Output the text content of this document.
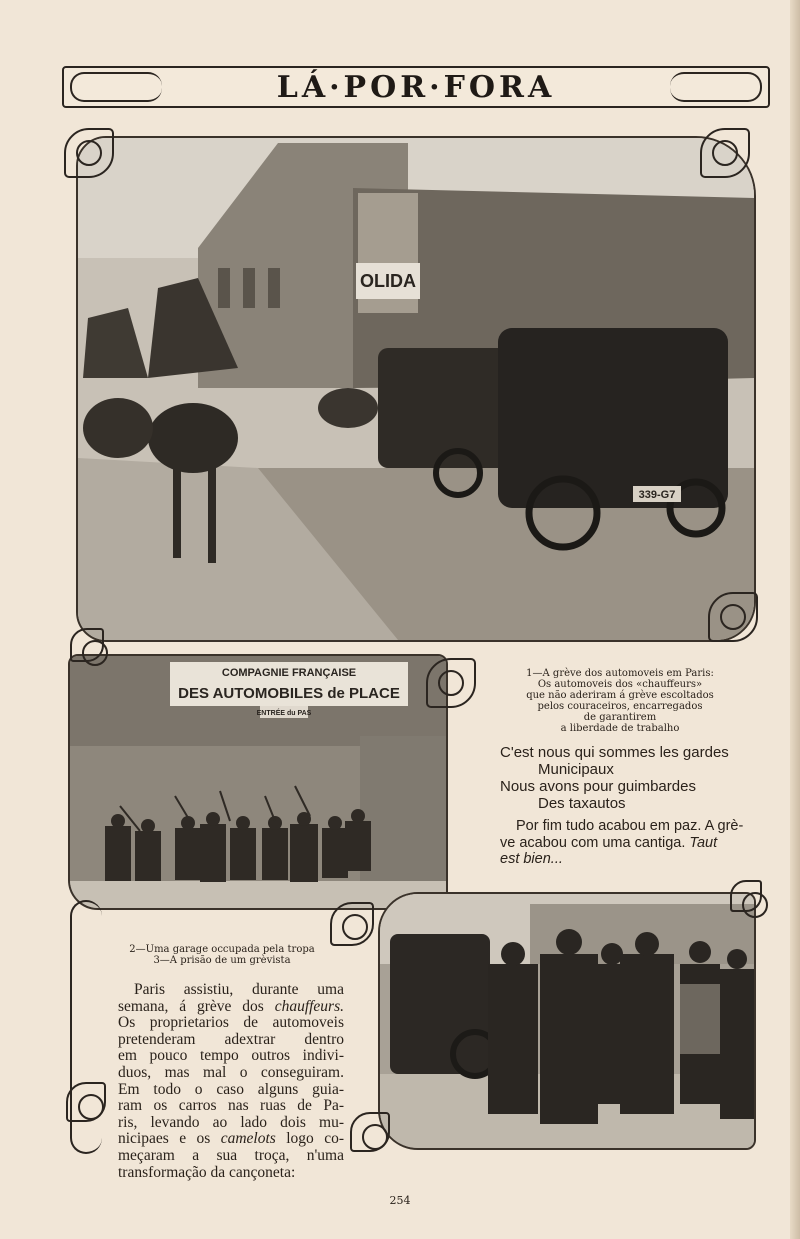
LÁ·POR·FORA
339-G7
OLIDA
COMPAGNIE FRANÇAISE
DES AUTOMOBILES de PLACE
ENTRÉE du PAS
1—A grève dos automoveis em Paris:
Os automoveis dos «chauffeurs»
que não aderiram á grève escoltados
pelos couraceiros, encarregados
de garantirem
a liberdade de trabalho
C'est nous qui sommes les gardes
Municipaux
Nous avons pour guimbardes
Des taxautos
Por fim tudo acabou em paz. A grè-
ve acabou com uma cantiga. Taut
est bien...
2—Uma garage occupada pela tropa
3—A prisão de um grèvista
Paris assistiu, durante uma
semana, á grève dos chauffeurs.
Os proprietarios de automoveis
pretenderam adextrar dentro
em pouco tempo outros indivi-
duos, mas mal o conseguiram.
Em todo o caso alguns guia-
ram os carros nas ruas de Pa-
ris, levando ao lado dois mu-
nicipaes e os camelots logo co-
meçaram a sua troça, n'uma
transformação da cançoneta:
254
